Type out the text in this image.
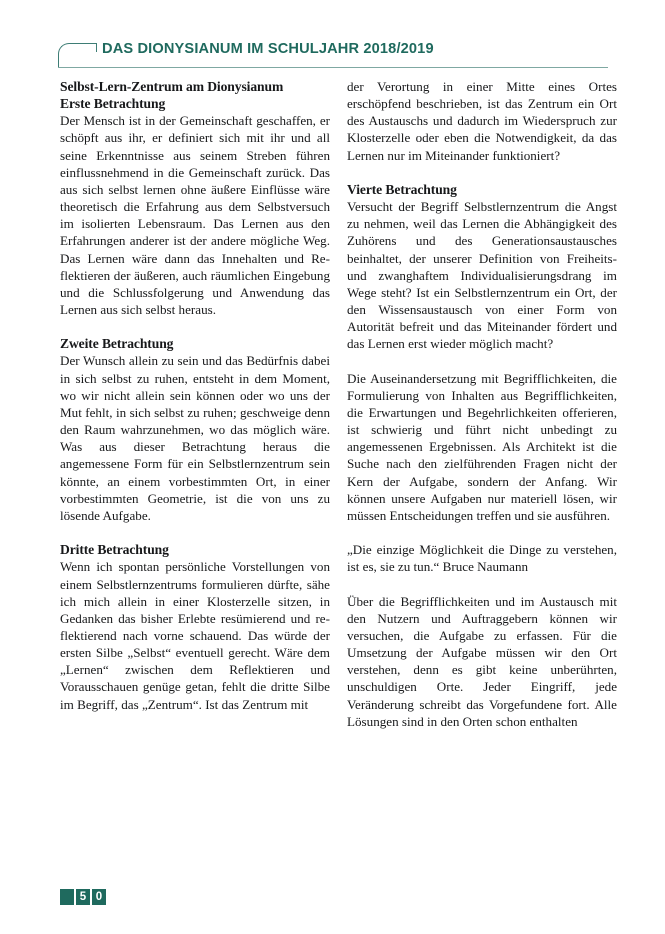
DAS DIONYSIANUM IM SCHULJAHR 2018/2019
Selbst-Lern-Zentrum am Dionysianum
Erste Betrachtung

Der Mensch ist in der Gemeinschaft geschaffen, er schöpft aus ihr, er definiert sich mit ihr und all seine Erkenntnisse aus seinem Streben führen einflussnehmend in die Gemeinschaft zurück. Das aus sich selbst lernen ohne äußere Einflüsse wäre theoretisch die Erfahrung aus dem Selbstversuch im isolierten Lebensraum. Das Lernen aus den Erfahrungen anderer ist der andere mögliche Weg. Das Lernen wäre dann das Innehalten und Reflektieren der äußeren, auch räumlichen Eingebung und die Schlussfolgerung und Anwendung das Lernen aus sich selbst heraus.

Zweite Betrachtung

Der Wunsch allein zu sein und das Bedürfnis dabei in sich selbst zu ruhen, entsteht in dem Moment, wo wir nicht allein sein können oder wo uns der Mut fehlt, in sich selbst zu ruhen; geschweige denn den Raum wahrzunehmen, wo das möglich wäre. Was aus dieser Betrachtung heraus die angemessene Form für ein Selbstlernzentrum sein könnte, an einem vorbestimmten Ort, in einer vorbestimmten Geometrie, ist die von uns zu lösende Aufgabe.

Dritte Betrachtung

Wenn ich spontan persönliche Vorstellungen von einem Selbstlernzentrums formulieren dürfte, sähe ich mich allein in einer Klosterzelle sitzen, in Gedanken das bisher Erlebte resümierend und reflektierend nach vorne schauend. Das würde der ersten Silbe „Selbst“ eventuell gerecht. Wäre dem „Lernen“ zwischen dem Reflektieren und Vorausschauen genüge getan, fehlt die dritte Silbe im Begriff, das „Zentrum“. Ist das Zentrum mit

der Verortung in einer Mitte eines Ortes erschöpfend beschrieben, ist das Zentrum ein Ort des Austauschs und dadurch im Wiederspruch zur Klosterzelle oder eben die Notwendigkeit, da das Lernen nur im Miteinander funktioniert?

Vierte Betrachtung

Versucht der Begriff Selbstlernzentrum die Angst zu nehmen, weil das Lernen die Abhängigkeit des Zuhörens und des Generationsaustausches beinhaltet, der unserer Definition von Freiheits- und zwanghaftem Individualisierungsdrang im Wege steht? Ist ein Selbstlernzentrum ein Ort, der den Wissensaustausch von einer Form von Autorität befreit und das Miteinander fördert und das Lernen erst wieder möglich macht?

Die Auseinandersetzung mit Begrifflichkeiten, die Formulierung von Inhalten aus Begrifflichkeiten, die Erwartungen und Begehrlichkeiten offerieren, ist schwierig und führt nicht unbedingt zu angemessenen Ergebnissen. Als Architekt ist die Suche nach den zielführenden Fragen nicht der Kern der Aufgabe, sondern der Anfang. Wir können unsere Aufgaben nur materiell lösen, wir müssen Entscheidungen treffen und sie ausführen.

„Die einzige Möglichkeit die Dinge zu verstehen, ist es, sie zu tun.“ Bruce Naumann

Über die Begrifflichkeiten und im Austausch mit den Nutzern und Auftraggebern können wir versuchen, die Aufgabe zu erfassen. Für die Umsetzung der Aufgabe müssen wir den Ort verstehen, denn es gibt keine unberührten, unschuldigen Orte. Jeder Eingriff, jede Veränderung schreibt das Vorgefundene fort. Alle Lösungen sind in den Orten schon enthalten

5 0
